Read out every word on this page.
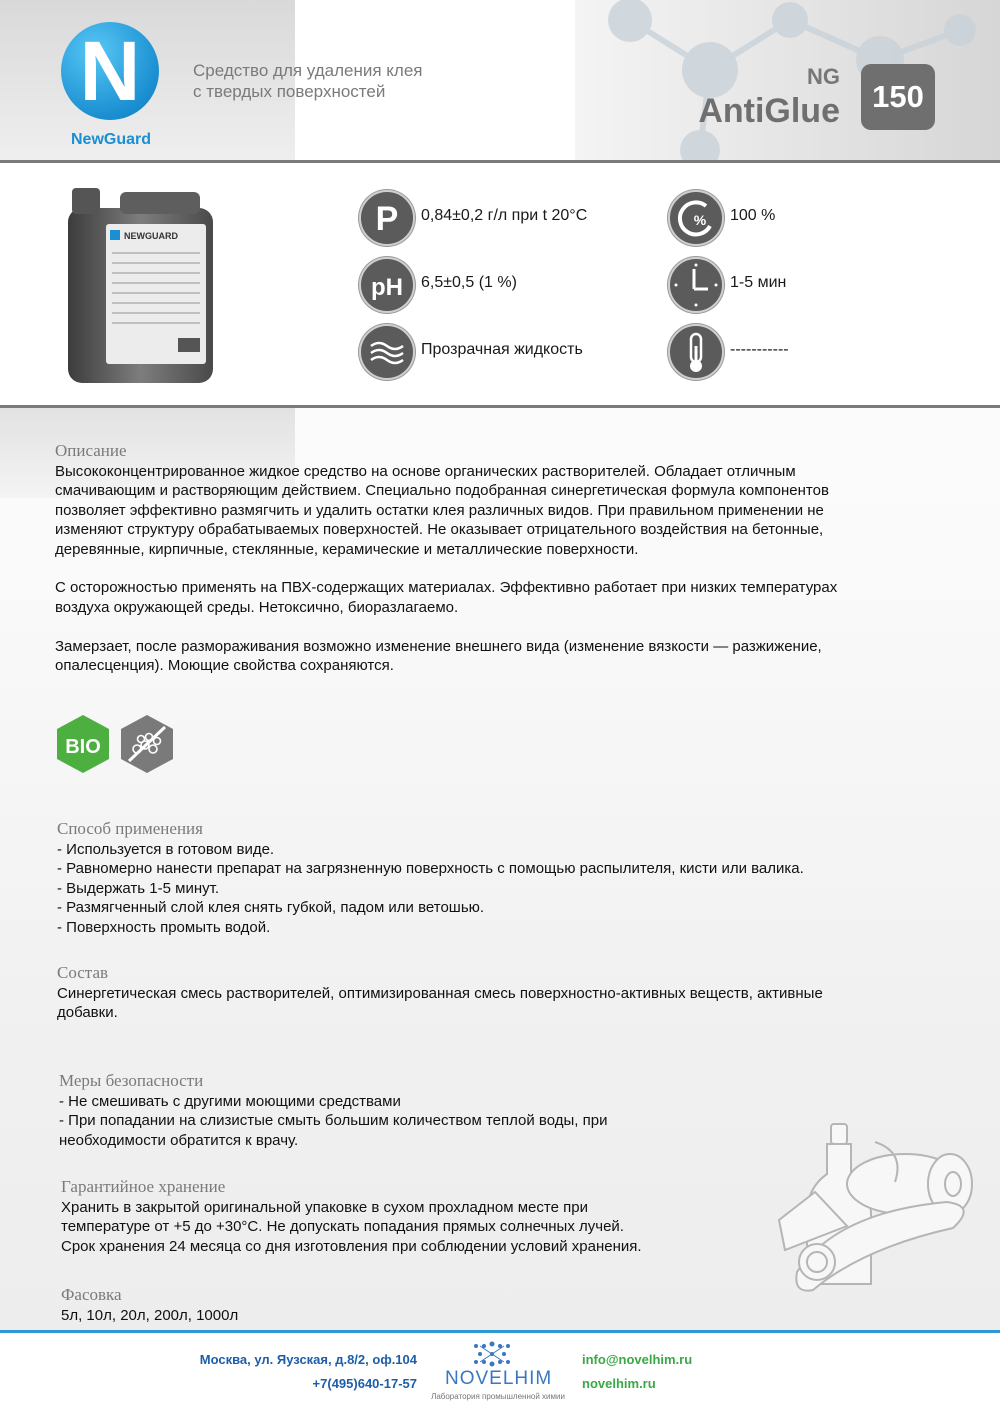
N
NewGuard
Средство для удаления клея
с твердых поверхностей
NG
AntiGlue	150
NEWGUARD	P 0,84±0,2 г/л при t 20°С	% 100 %
pH 6,5±0,5 (1 %)	1-5 мин
Прозрачная жидкость	-----------
Описание

Высококонцентрированное жидкое средство на основе органических растворителей. Обладает отличным
смачивающим и растворяющим действием. Специально подобранная синергетическая формула компонентов
позволяет эффективно размягчить и удалить остатки клея различных видов. При правильном применении не
изменяют структуру обрабатываемых поверхностей. Не оказывает отрицательного воздействия на бетонные,
деревянные, кирпичные, стеклянные, керамические и металлические поверхности.

С осторожностью применять на ПВХ-содержащих материалах. Эффективно работает при низких температурах
воздуха окружающей среды. Нетоксично, биоразлагаемо.

Замерзает, после размораживания возможно изменение внешнего вида (изменение вязкости — разжижение,
опалесценция). Моющие свойства сохраняются.

BIO
Способ применения
- Используется в готовом виде.
- Равномерно нанести препарат на загрязненную поверхность с помощью распылителя, кисти или валика.
- Выдержать 1-5 минут.
- Размягченный слой клея снять губкой, падом или ветошью.
- Поверхность промыть водой.
Состав
Синергетическая смесь растворителей, оптимизированная смесь поверхностно-активных веществ, активные
добавки.
Меры безопасности
- Не смешивать с другими моющими средствами
- При попадании на слизистые смыть большим количеством теплой воды, при
необходимости обратится к врачу.
Гарантийное хранение
Хранить в закрытой оригинальной упаковке в сухом прохладном месте при
температуре от +5 до +30°С. Не допускать попадания прямых солнечных лучей.
Срок хранения 24 месяца со дня изготовления при соблюдении условий хранения.
Фасовка
5л, 10л, 20л, 200л, 1000л
Москва, ул. Яузская, д.8/2, оф.104
+7(495)640-17-57 NOVELHIM
Лаборатория промышленной химии
info@novelhim.ru
novelhim.ru
